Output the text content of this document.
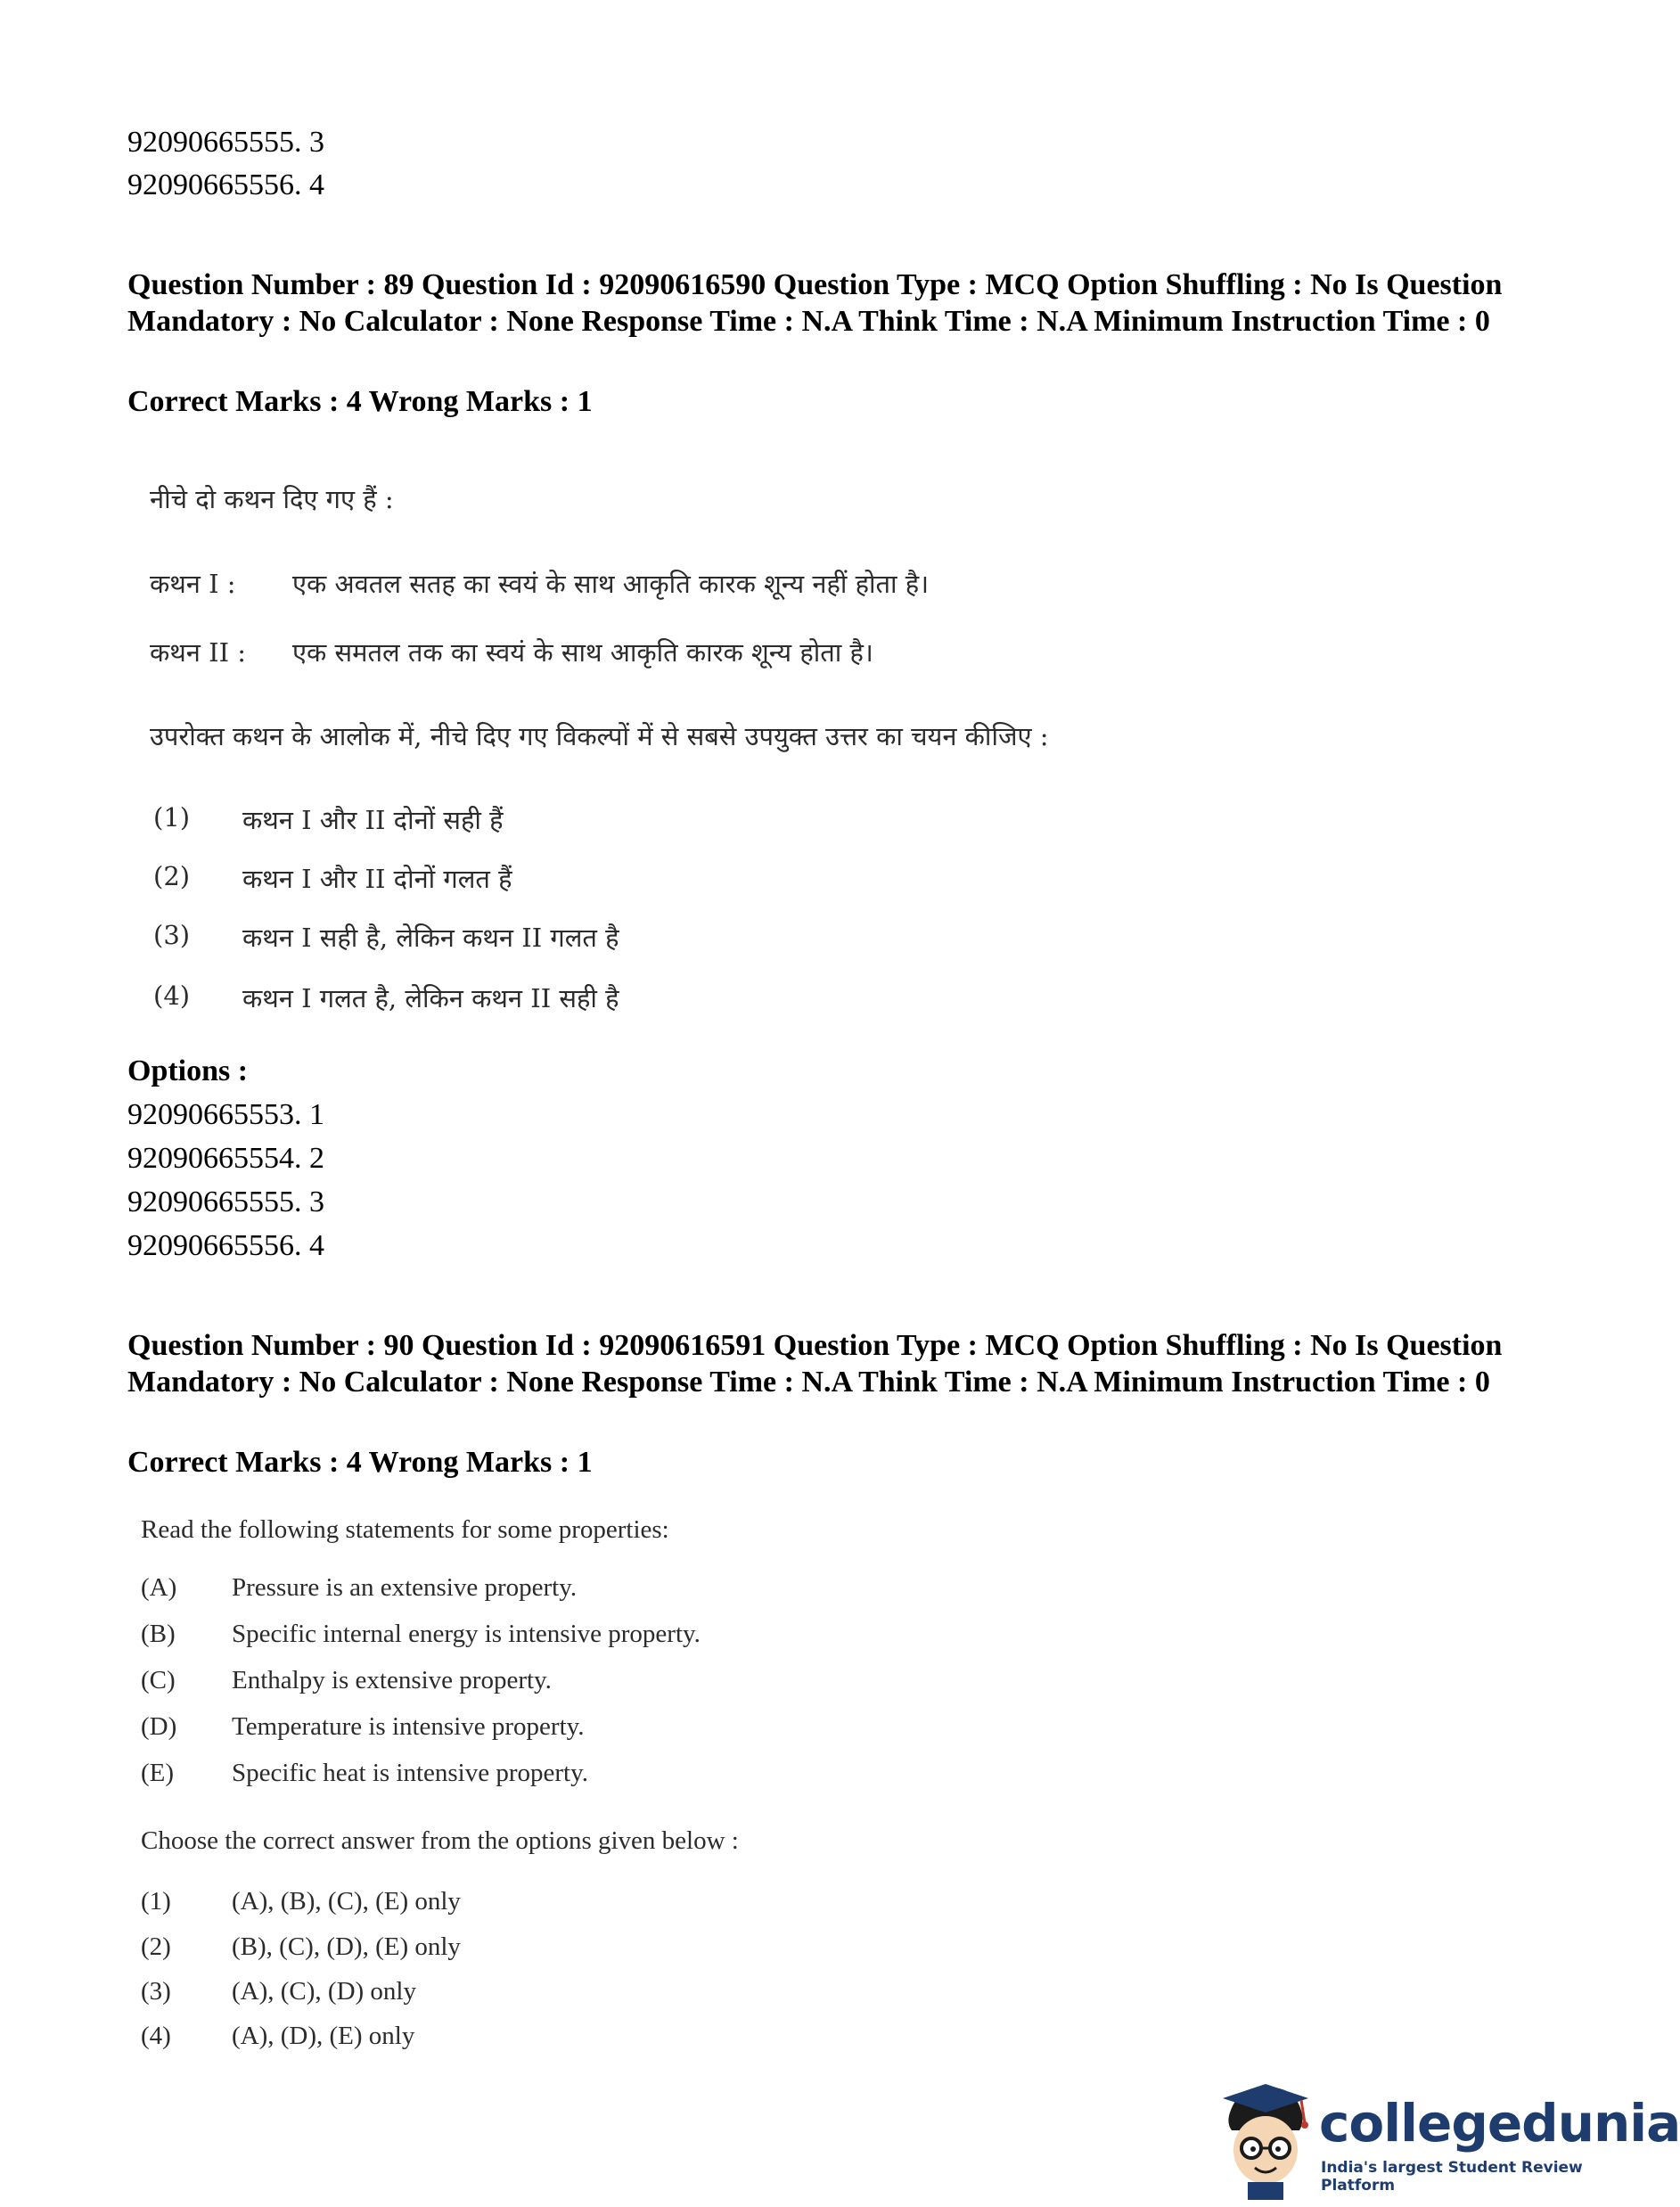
92090665555. 3
92090665556. 4
Question Number : 89 Question Id : 92090616590 Question Type : MCQ Option Shuffling : No Is Question Mandatory : No Calculator : None Response Time : N.A Think Time : N.A Minimum Instruction Time : 0
Correct Marks : 4 Wrong Marks : 1
नीचे दो कथन दिए गए हैं :
कथन I : एक अवतल सतह का स्वयं के साथ आकृति कारक शून्य नहीं होता है।
कथन II : एक समतल तक का स्वयं के साथ आकृति कारक शून्य होता है।
उपरोक्त कथन के आलोक में, नीचे दिए गए विकल्पों में से सबसे उपयुक्त उत्तर का चयन कीजिए :
(1) कथन I और II दोनों सही हैं
(2) कथन I और II दोनों गलत हैं
(3) कथन I सही है, लेकिन कथन II गलत है
(4) कथन I गलत है, लेकिन कथन II सही है
Options :
92090665553. 1
92090665554. 2
92090665555. 3
92090665556. 4
Question Number : 90 Question Id : 92090616591 Question Type : MCQ Option Shuffling : No Is Question Mandatory : No Calculator : None Response Time : N.A Think Time : N.A Minimum Instruction Time : 0
Correct Marks : 4 Wrong Marks : 1
Read the following statements for some properties:
(A) Pressure is an extensive property.
(B) Specific internal energy is intensive property.
(C) Enthalpy is extensive property.
(D) Temperature is intensive property.
(E) Specific heat is intensive property.
Choose the correct answer from the options given below :
(1) (A), (B), (C), (E) only
(2) (B), (C), (D), (E) only
(3) (A), (C), (D) only
(4) (A), (D), (E) only
collegedunia
India's largest Student Review Platform
